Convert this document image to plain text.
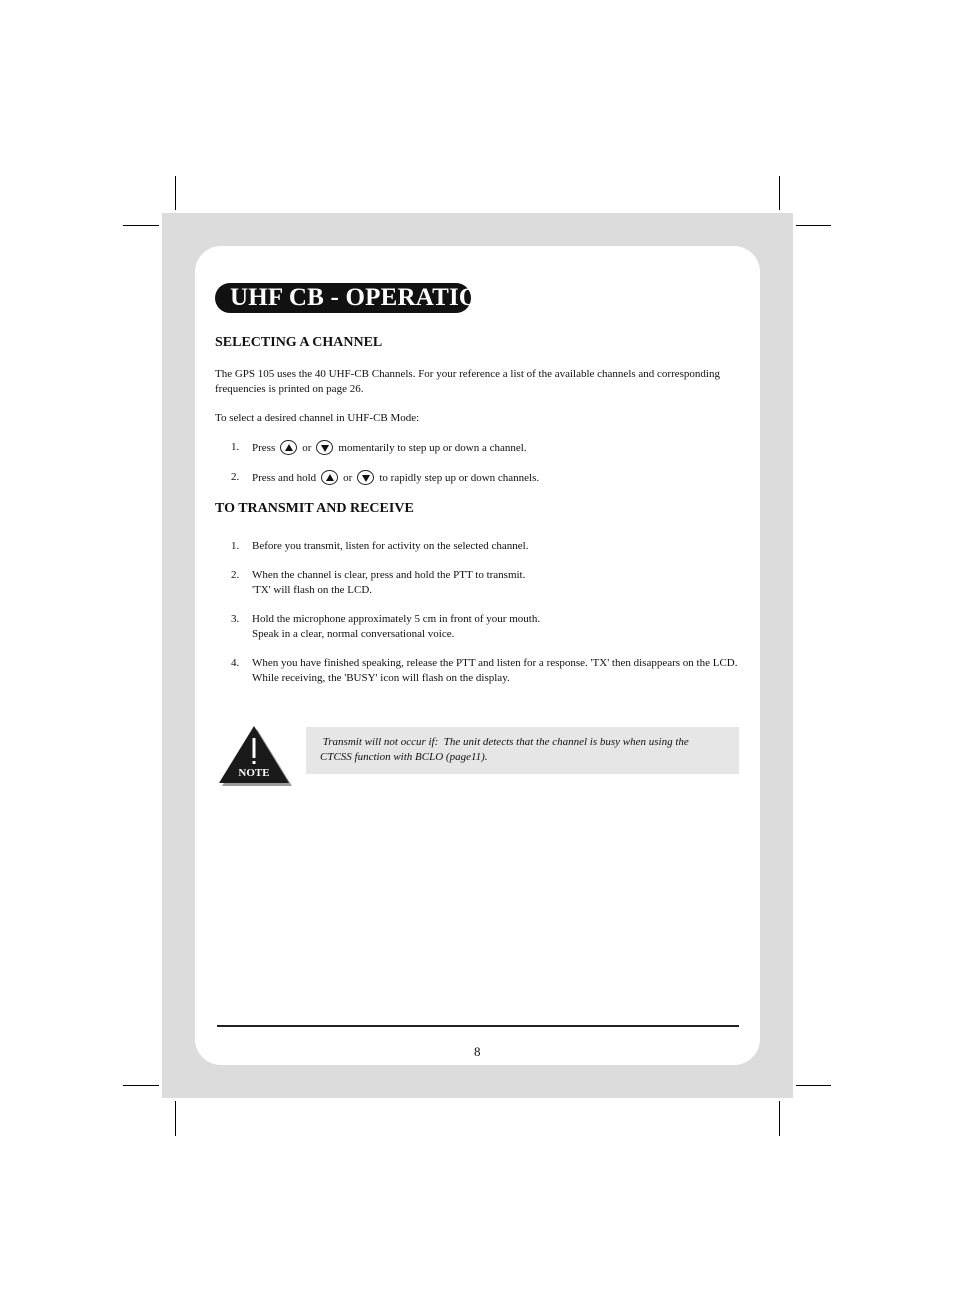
UHF CB - OPERATION
SELECTING A CHANNEL
The GPS 105 uses the 40 UHF-CB Channels. For your reference a list of the available channels and corresponding
frequencies is printed on page 26.
To select a desired channel in UHF-CB Mode:
1. Press or momentarily to step up or down a channel.
2. Press and hold or to rapidly step up or down channels.
TO TRANSMIT AND RECEIVE
1. Before you transmit, listen for activity on the selected channel.
2. When the channel is clear, press and hold the PTT to transmit.
'TX' will flash on the LCD.
3. Hold the microphone approximately 5 cm in front of your mouth.
Speak in a clear, normal conversational voice.
4. When you have finished speaking, release the PTT and listen for a response. 'TX' then disappears on the LCD.
While receiving, the 'BUSY' icon will flash on the display.
NOTE
Transmit will not occur if:  The unit detects that the channel is busy when using the
CTCSS function with BCLO (page11).
8
